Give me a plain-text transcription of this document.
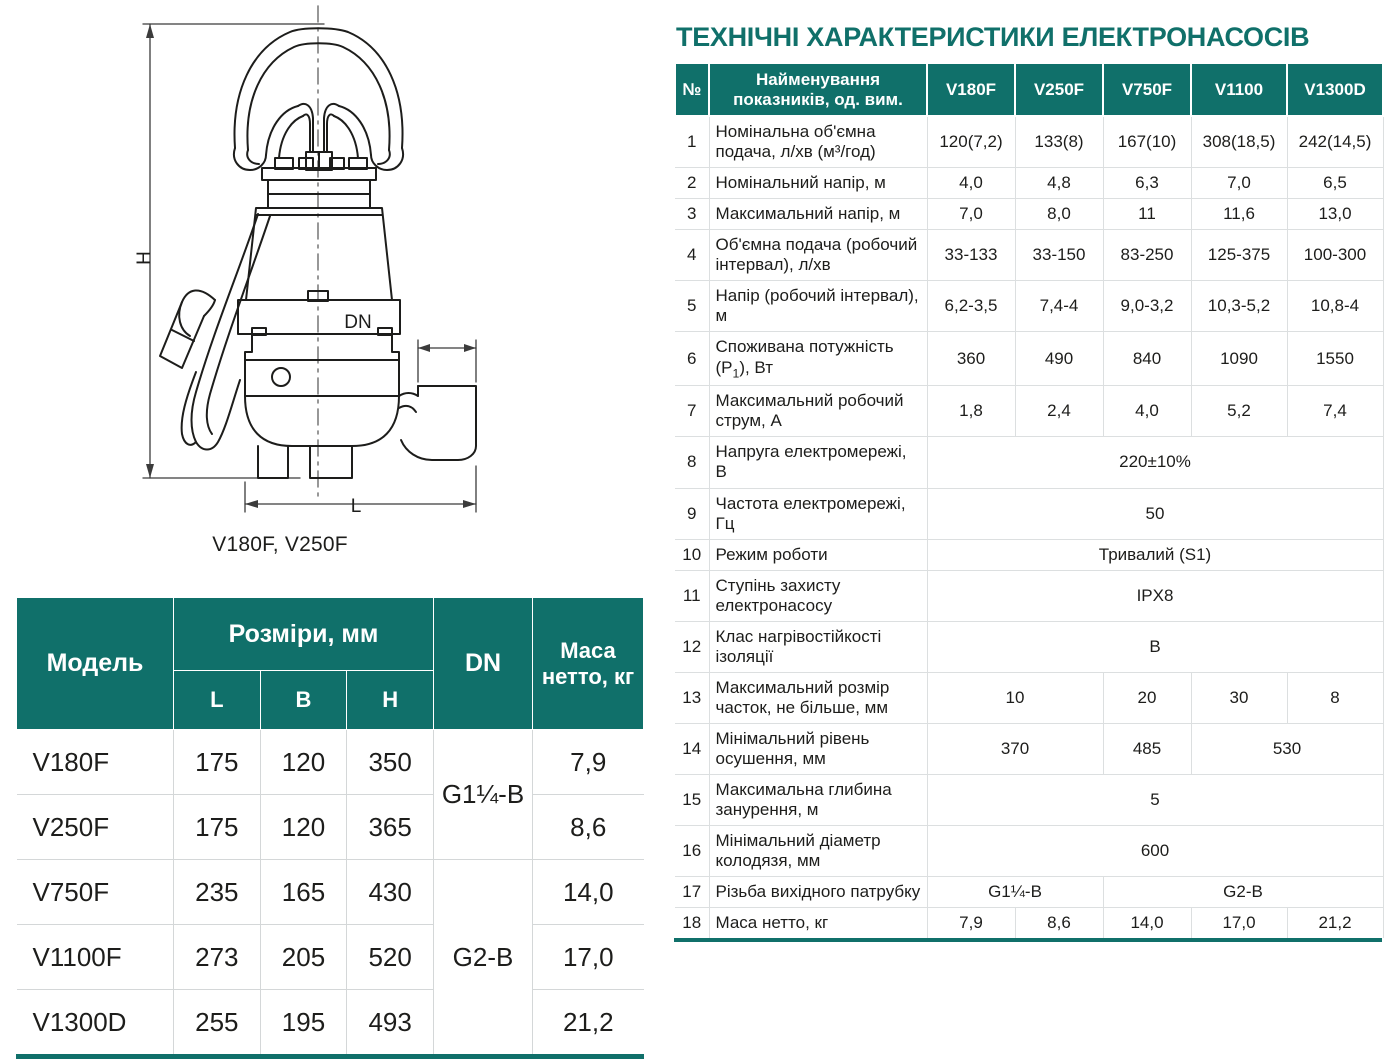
H
DN
L
V180F, V250F
Модель	Розміри, мм			DN	Маса нетто, кг
	L	B	H		
V180F	175	120	350	G1¼-B	7,9
V250F	175	120	365		8,6
V750F	235	165	430	G2-B	14,0
V1100F	273	205	520		17,0
V1300D	255	195	493		21,2
ТЕХНІЧНІ ХАРАКТЕРИСТИКИ ЕЛЕКТРОНАСОСІВ
№	Найменування показників, од. вим.	V180F	V250F	V750F	V1100	V1300D
1	Номінальна об'ємна подача, л/хв (м³/год)	120(7,2)	133(8)	167(10)	308(18,5)	242(14,5)
2	Номінальний напір, м	4,0	4,8	6,3	7,0	6,5
3	Максимальний напір, м	7,0	8,0	11	11,6	13,0
4	Об'ємна подача (робочий інтервал), л/хв	33-133	33-150	83-250	125-375	100-300
5	Напір (робочий інтервал), м	6,2-3,5	7,4-4	9,0-3,2	10,3-5,2	10,8-4
6	Споживана потужність $(P_1)$, Вт	360	490	840	1090	1550
7	Максимальний робочий струм, А	1,8	2,4	4,0	5,2	7,4
8	Напруга електромережі, В	220±10%				
9	Частота електромережі, Гц	50				
10	Режим роботи	Тривалий (S1)				
11	Ступінь захисту електронасосу	IPX8				
12	Клас нагрівостійкості ізоляції	B				
13	Максимальний розмір часток, не більше, мм	10		20	30	8
14	Мінімальний рівень осушення, мм	370		485	530	
15	Максимальна глибина занурення, м	5				
16	Мінімальний діаметр колодязя, мм	600				
17	Різьба вихідного патрубку	G1¼-B		G2-B		
18	Маса нетто, кг	7,9	8,6	14,0	17,0	21,2
